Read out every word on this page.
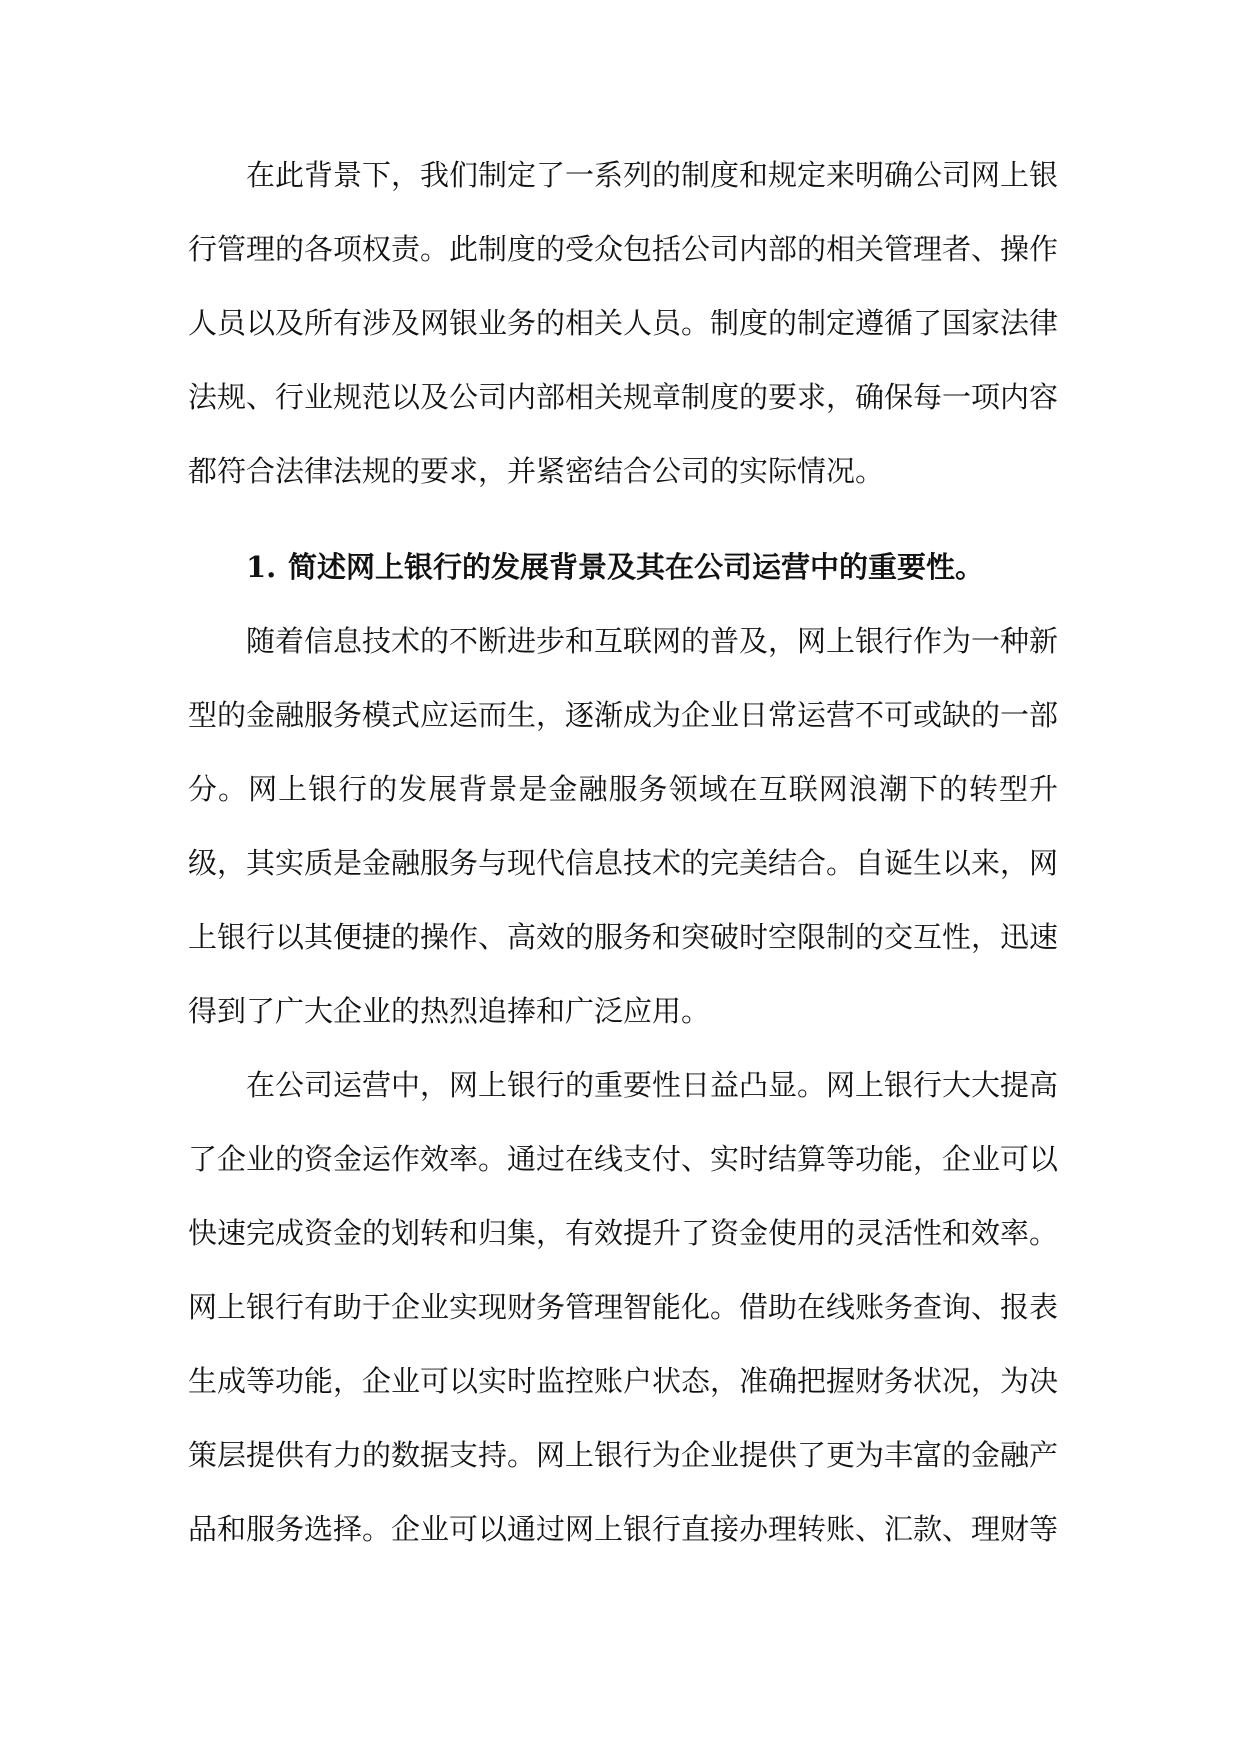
在此背景下，我们制定了一系列的制度和规定来明确公司网上银行管理的各项权责。此制度的受众包括公司内部的相关管理者、操作人员以及所有涉及网银业务的相关人员。制度的制定遵循了国家法律法规、行业规范以及公司内部相关规章制度的要求，确保每一项内容都符合法律法规的要求，并紧密结合公司的实际情况。

1. 简述网上银行的发展背景及其在公司运营中的重要性。

随着信息技术的不断进步和互联网的普及，网上银行作为一种新型的金融服务模式应运而生，逐渐成为企业日常运营不可或缺的一部分。网上银行的发展背景是金融服务领域在互联网浪潮下的转型升级，其实质是金融服务与现代信息技术的完美结合。自诞生以来，网上银行以其便捷的操作、高效的服务和突破时空限制的交互性，迅速得到了广大企业的热烈追捧和广泛应用。

在公司运营中，网上银行的重要性日益凸显。网上银行大大提高了企业的资金运作效率。通过在线支付、实时结算等功能，企业可以快速完成资金的划转和归集，有效提升了资金使用的灵活性和效率。网上银行有助于企业实现财务管理智能化。借助在线账务查询、报表生成等功能，企业可以实时监控账户状态，准确把握财务状况，为决策层提供有力的数据支持。网上银行为企业提供了更为丰富的金融产品和服务选择。企业可以通过网上银行直接办理转账、汇款、理财等
